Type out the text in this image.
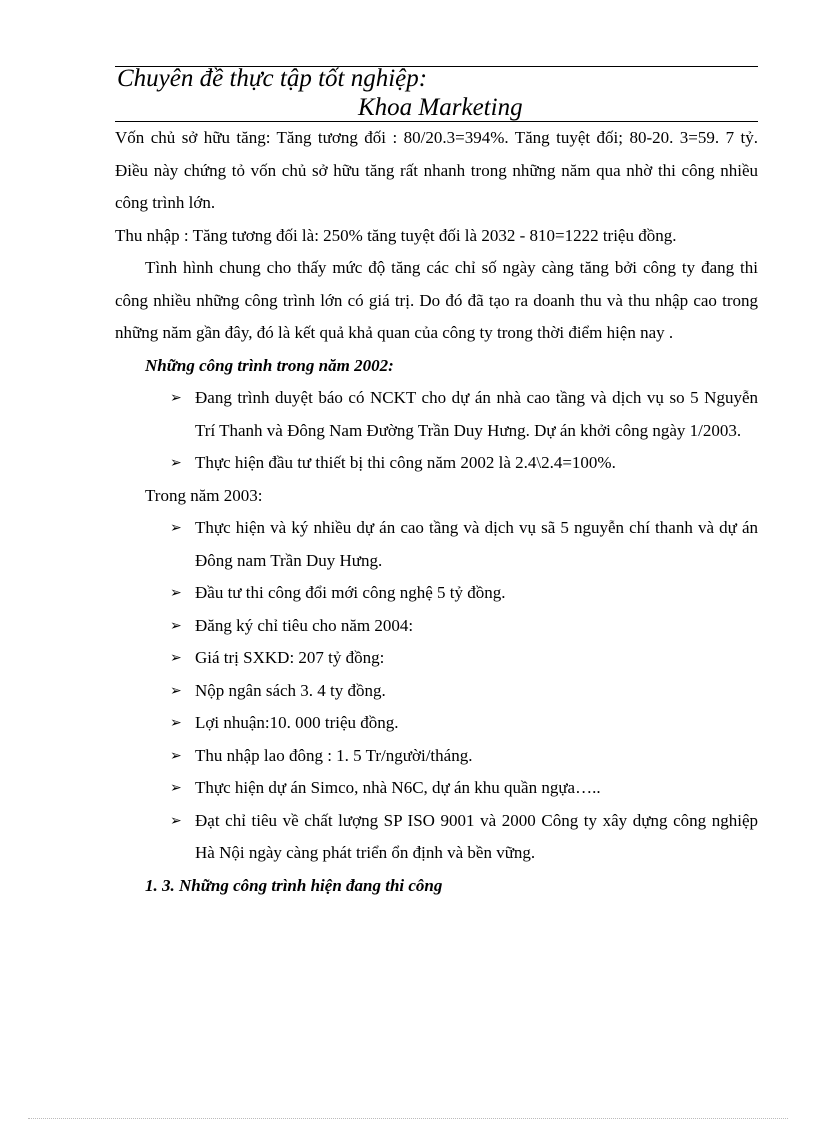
Chuyên đề thực tập tốt nghiệp:
Khoa Marketing

Vốn chủ sở hữu tăng: Tăng tương đối : 80/20.3=394%. Tăng tuyệt đối; 80-20. 3=59. 7 tỷ. Điều này chứng tỏ vốn chủ sở hữu tăng rất nhanh trong những năm qua nhờ thi công nhiều công trình lớn.

Thu nhập : Tăng tương đối là: 250% tăng tuyệt đối là 2032 - 810=1222 triệu đồng.

Tình hình chung cho thấy mức độ tăng các chỉ số ngày càng tăng bởi công ty đang thi công nhiều những công trình lớn có giá trị. Do đó đã tạo ra doanh thu và thu nhập cao trong những năm gần đây, đó là kết quả khả quan của công ty trong thời điểm hiện nay .

Những công trình trong năm 2002:

➢ Đang trình duyệt báo có NCKT cho dự án nhà cao tầng và dịch vụ so 5 Nguyễn Trí Thanh và Đông Nam Đường Trần Duy Hưng. Dự án khởi công ngày 1/2003.
➢ Thực hiện đầu tư thiết bị thi công năm 2002 là 2.4\2.4=100%.

Trong năm 2003:

➢ Thực hiện và ký nhiều dự án cao tầng và dịch vụ sã 5 nguyễn chí thanh và dự án Đông nam Trần Duy Hưng.
➢ Đầu tư thi công đổi mới công nghệ 5 tỷ đồng.
➢ Đăng ký chỉ tiêu cho năm 2004:
➢ Giá trị SXKD: 207 tỷ đồng:
➢ Nộp ngân sách 3. 4 ty đồng.
➢ Lợi nhuận:10. 000 triệu đồng.
➢ Thu nhập lao đông : 1. 5 Tr/người/tháng.
➢ Thực hiện dự án Simco, nhà N6C, dự án khu quần ngựa…..
➢ Đạt chỉ tiêu về chất lượng SP ISO 9001 và 2000 Công ty xây dựng công nghiệp Hà Nội ngày càng phát triển ổn định và bền vững.

1. 3. Những công trình hiện đang thi công
